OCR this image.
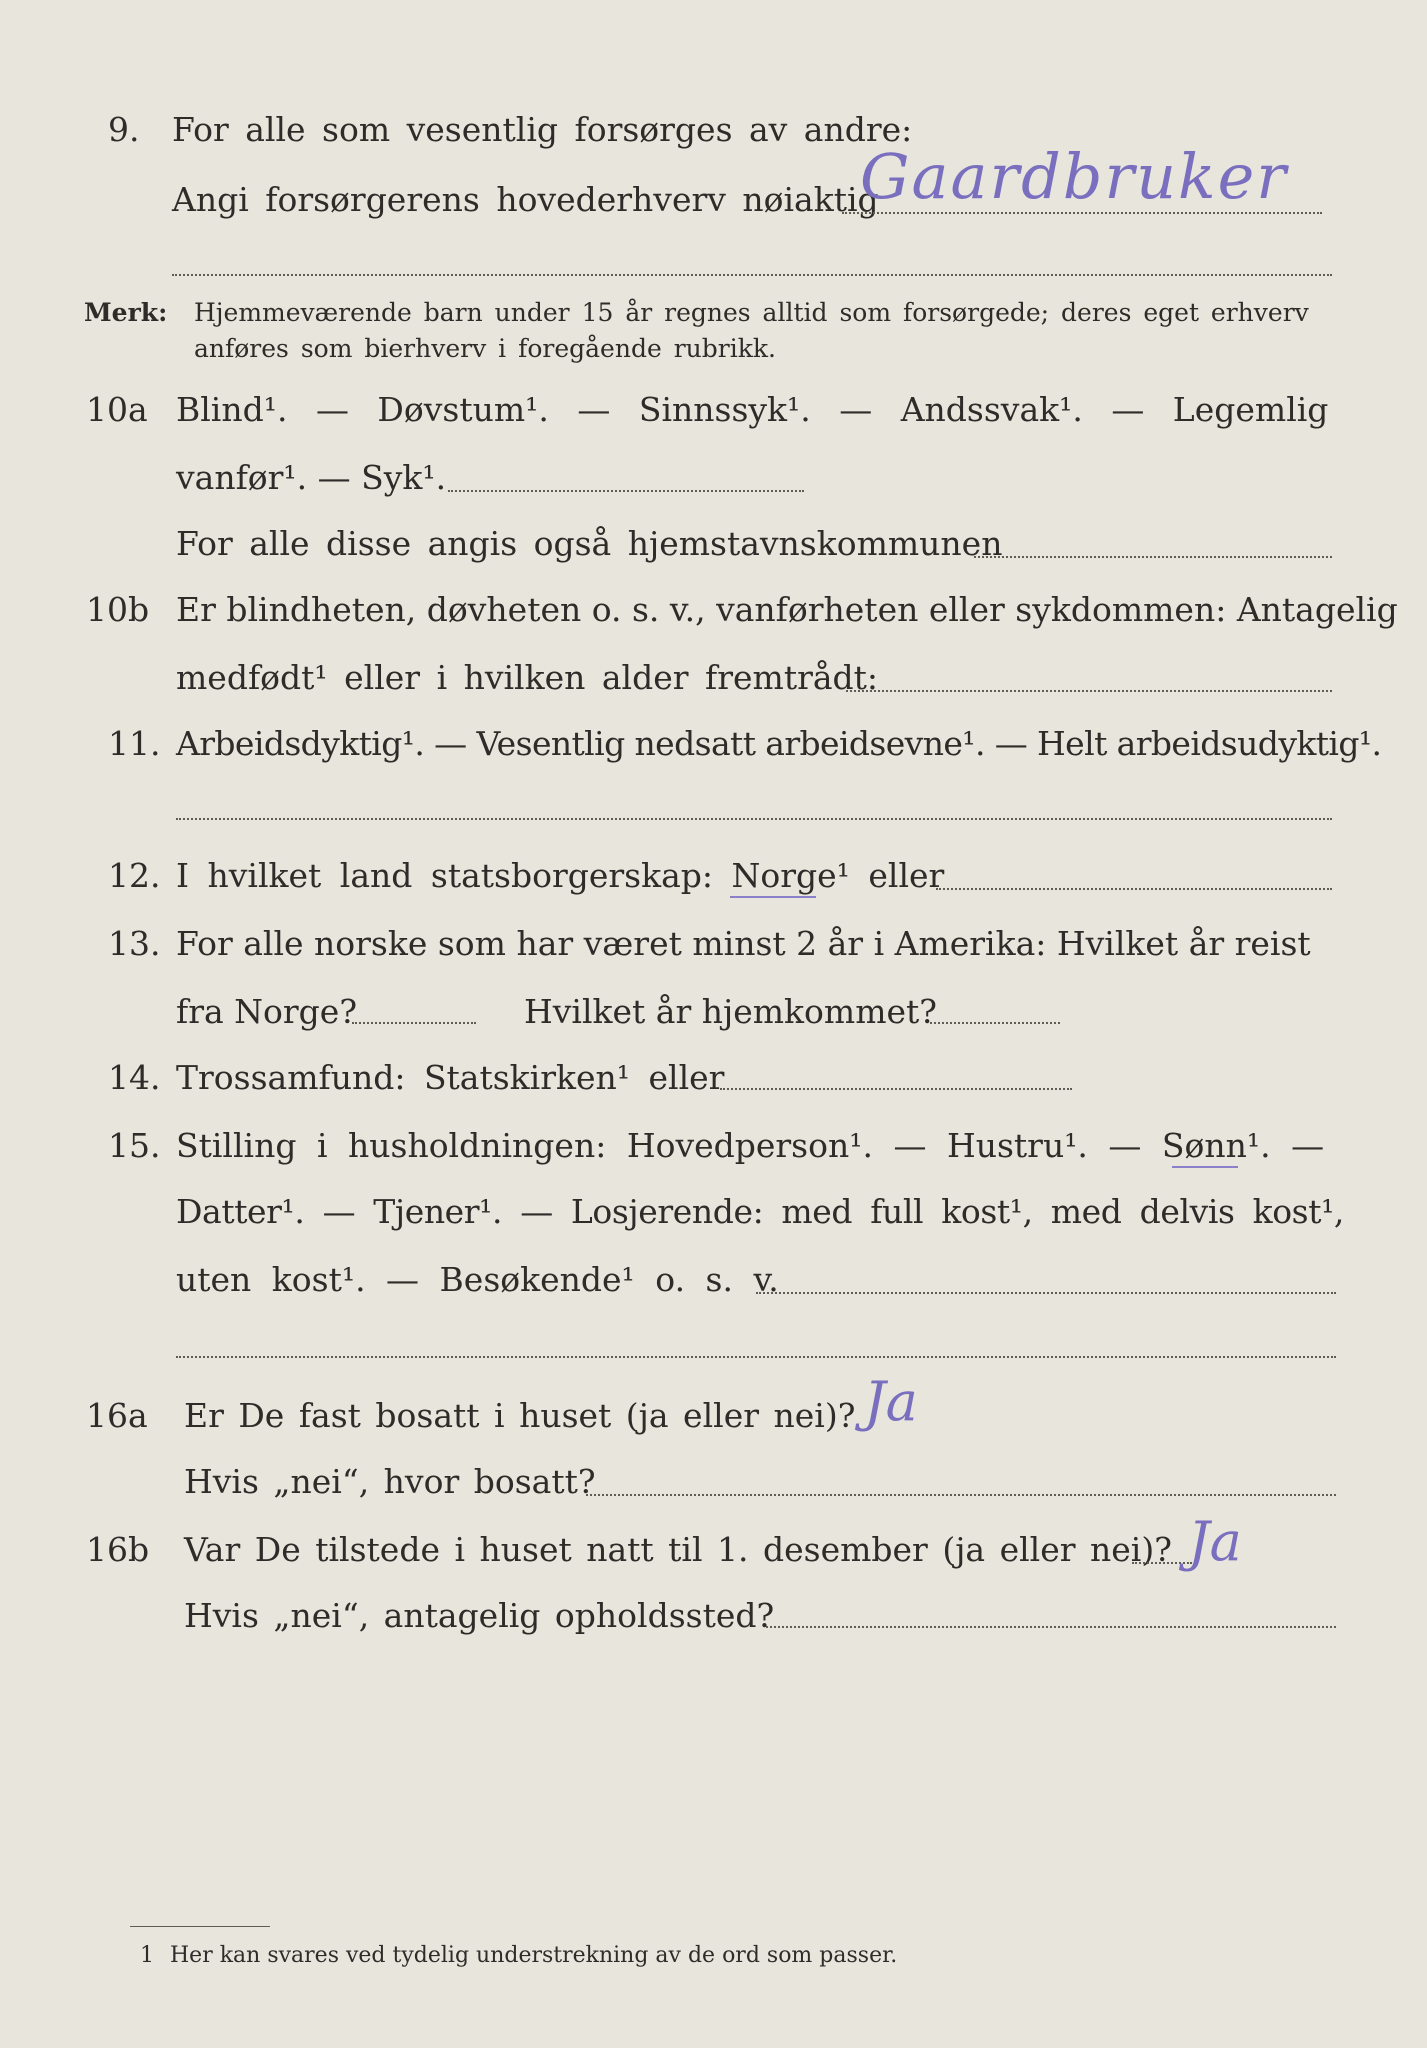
9. For alle som vesentlig forsørges av andre:
Angi forsørgerens hovederhverv nøiaktig
Gaardbruker
Merk: Hjemmeværende barn under 15 år regnes alltid som forsørgede; deres eget erhverv
anføres som bierhverv i foregående rubrikk.
10a Blind¹. — Døvstum¹. — Sinnssyk¹. — Andssvak¹. — Legemlig
vanfør¹. — Syk¹.
For alle disse angis også hjemstavnskommunen
10b Er blindheten, døvheten o. s. v., vanførheten eller sykdommen: Antagelig
medfødt¹ eller i hvilken alder fremtrådt:
11. Arbeidsdyktig¹. — Vesentlig nedsatt arbeidsevne¹. — Helt arbeidsudyktig¹.
12. I hvilket land statsborgerskap: Norge¹ eller
13. For alle norske som har været minst 2 år i Amerika: Hvilket år reist
fra Norge?	Hvilket år hjemkommet?
14. Trossamfund: Statskirken¹ eller
15. Stilling i husholdningen: Hovedperson¹. — Hustru¹. — Sønn¹. —
Datter¹. — Tjener¹. — Losjerende: med full kost¹, med delvis kost¹,
uten kost¹. — Besøkende¹ o. s. v.
16a Er De fast bosatt i huset (ja eller nei)? Ja
Hvis „nei“, hvor bosatt?
16b Var De tilstede i huset natt til 1. desember (ja eller nei)? Ja
Hvis „nei“, antagelig opholdssted?
1 Her kan svares ved tydelig understrekning av de ord som passer.
